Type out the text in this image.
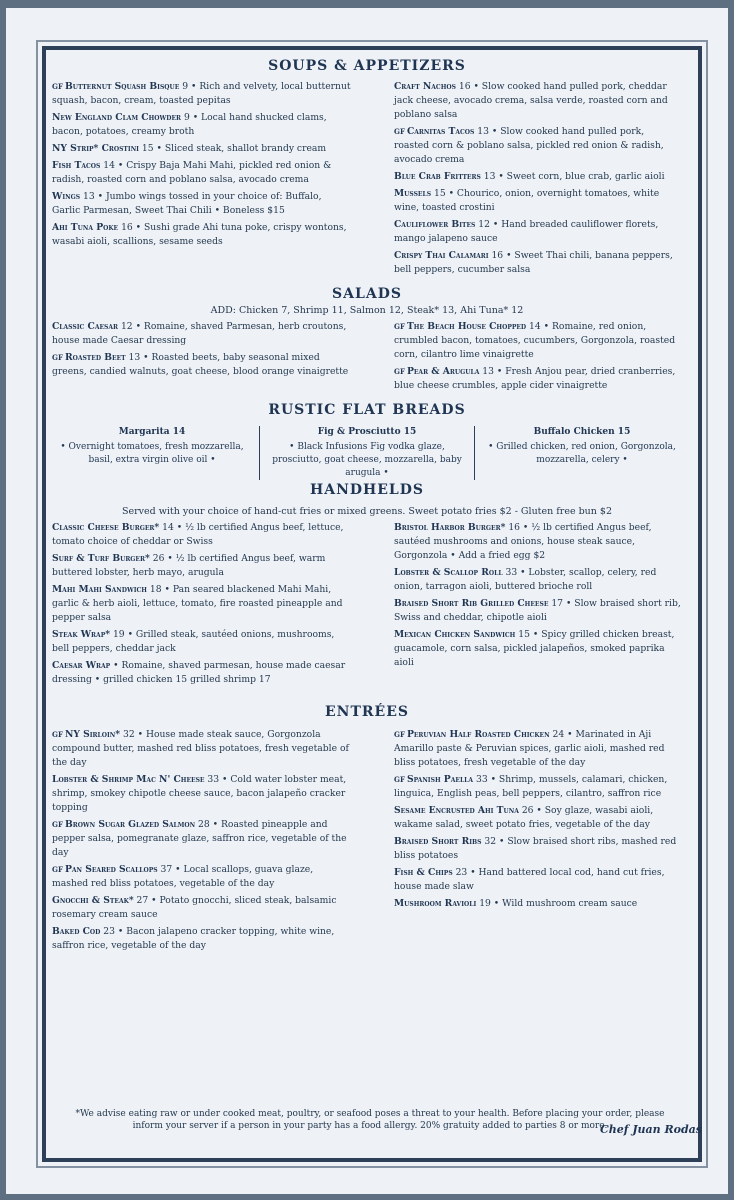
SOUPS & APPETIZERS
GF Butternut Squash Bisque 9 • Rich and velvety, local butternut squash, bacon, cream, toasted pepitas
New England Clam Chowder 9 • Local hand shucked clams, bacon, potatoes, creamy broth
NY Strip* Crostini 15 • Sliced steak, shallot brandy cream
Fish Tacos 14 • Crispy Baja Mahi Mahi, pickled red onion & radish, roasted corn and poblano salsa, avocado crema
Wings 13 • Jumbo wings tossed in your choice of: Buffalo, Garlic Parmesan, Sweet Thai Chili • Boneless $15
Ahi Tuna Poke 16 • Sushi grade Ahi tuna poke, crispy wontons, wasabi aioli, scallions, sesame seeds
Craft Nachos 16 • Slow cooked hand pulled pork, cheddar jack cheese, avocado crema, salsa verde, roasted corn and poblano salsa
GF Carnitas Tacos 13 • Slow cooked hand pulled pork, roasted corn & poblano salsa, pickled red onion & radish, avocado crema
Blue Crab Fritters 13 • Sweet corn, blue crab, garlic aioli
Mussels 15 • Chourico, onion, overnight tomatoes, white wine, toasted crostini
Cauliflower Bites 12 • Hand breaded cauliflower florets, mango jalapeno sauce
Crispy Thai Calamari 16 • Sweet Thai chili, banana peppers, bell peppers, cucumber salsa
SALADS
ADD: Chicken 7, Shrimp 11, Salmon 12, Steak* 13, Ahi Tuna* 12
Classic Caesar 12 • Romaine, shaved Parmesan, herb croutons, house made Caesar dressing
GF Roasted Beet 13 • Roasted beets, baby seasonal mixed greens, candied walnuts, goat cheese, blood orange vinaigrette
GF The Beach House Chopped 14 • Romaine, red onion, crumbled bacon, tomatoes, cucumbers, Gorgonzola, roasted corn, cilantro lime vinaigrette
GF Pear & Arugula 13 • Fresh Anjou pear, dried cranberries, blue cheese crumbles, apple cider vinaigrette
RUSTIC FLAT BREADS
Margarita 14
• Overnight tomatoes, fresh mozzarella, basil, extra virgin olive oil •
Fig & Prosciutto 15
• Black Infusions Fig vodka glaze, prosciutto, goat cheese, mozzarella, baby arugula •
Buffalo Chicken 15
• Grilled chicken, red onion, Gorgonzola, mozzarella, celery •
HANDHELDS
Served with your choice of hand-cut fries or mixed greens. Sweet potato fries $2 - Gluten free bun $2
Classic Cheese Burger* 14 • ½ lb certified Angus beef, lettuce, tomato choice of cheddar or Swiss
Surf & Turf Burger* 26 • ½ lb certified Angus beef, warm buttered lobster, herb mayo, arugula
Mahi Mahi Sandwich 18 • Pan seared blackened Mahi Mahi, garlic & herb aioli, lettuce, tomato, fire roasted pineapple and pepper salsa
Steak Wrap* 19 • Grilled steak, sautéed onions, mushrooms, bell peppers, cheddar jack
Caesar Wrap • Romaine, shaved parmesan, house made caesar dressing • grilled chicken 15 grilled shrimp 17
Bristol Harbor Burger* 16 • ½ lb certified Angus beef, sautéed mushrooms and onions, house steak sauce, Gorgonzola • Add a fried egg $2
Lobster & Scallop Roll 33 • Lobster, scallop, celery, red onion, tarragon aioli, buttered brioche roll
Braised Short Rib Grilled Cheese 17 • Slow braised short rib, Swiss and cheddar, chipotle aioli
Mexican Chicken Sandwich 15 • Spicy grilled chicken breast, guacamole, corn salsa, pickled jalapeños, smoked paprika aioli
ENTRÉES
GF NY Sirloin* 32 • House made steak sauce, Gorgonzola compound butter, mashed red bliss potatoes, fresh vegetable of the day
Lobster & Shrimp Mac N' Cheese 33 • Cold water lobster meat, shrimp, smokey chipotle cheese sauce, bacon jalapeño cracker topping
GF Brown Sugar Glazed Salmon 28 • Roasted pineapple and pepper salsa, pomegranate glaze, saffron rice, vegetable of the day
GF Pan Seared Scallops 37 • Local scallops, guava glaze, mashed red bliss potatoes, vegetable of the day
Gnocchi & Steak* 27 • Potato gnocchi, sliced steak, balsamic rosemary cream sauce
Baked Cod 23 • Bacon jalapeno cracker topping, white wine, saffron rice, vegetable of the day
GF Peruvian Half Roasted Chicken 24 • Marinated in Aji Amarillo paste & Peruvian spices, garlic aioli, mashed red bliss potatoes, fresh vegetable of the day
GF Spanish Paella 33 • Shrimp, mussels, calamari, chicken, linguica, English peas, bell peppers, cilantro, saffron rice
Sesame Encrusted Ahi Tuna 26 • Soy glaze, wasabi aioli, wakame salad, sweet potato fries, vegetable of the day
Braised Short Ribs 32 • Slow braised short ribs, mashed red bliss potatoes
Fish & Chips 23 • Hand battered local cod, hand cut fries, house made slaw
Mushroom Ravioli 19 • Wild mushroom cream sauce
*We advise eating raw or under cooked meat, poultry, or seafood poses a threat to your health. Before placing your order, please inform your server if a person in your party has a food allergy. 20% gratuity added to parties 8 or more.
Chef Juan Rodas
